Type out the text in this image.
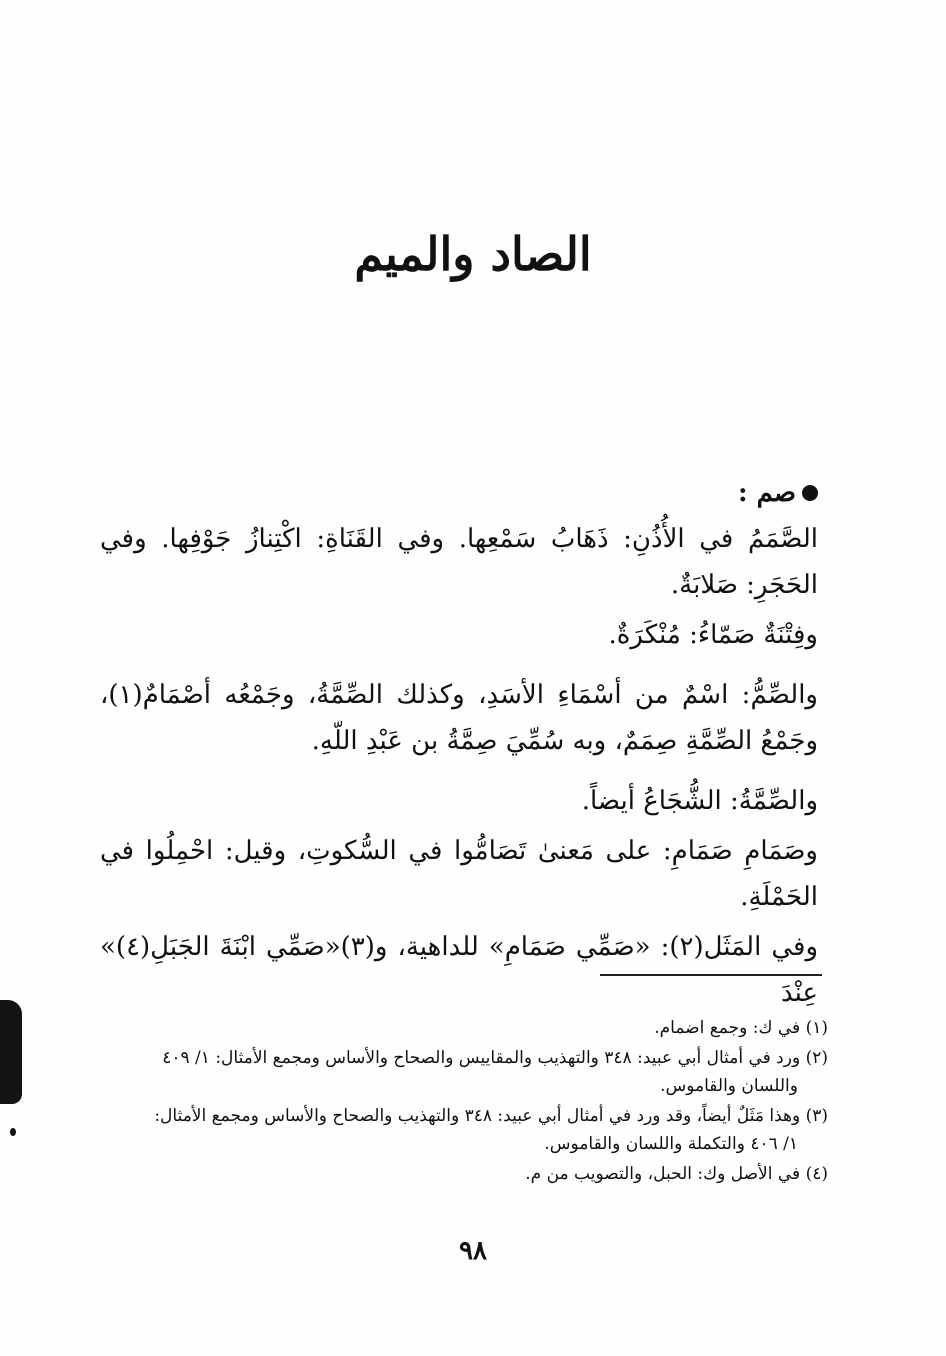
الصاد والميم

صم :

الصَّمَمُ في الأُذُنِ: ذَهَابُ سَمْعِها. وفي القَنَاةِ: اكْتِنازُ جَوْفِها. وفي الحَجَرِ: صَلابَةٌ.

وفِتْنَةٌ صَمّاءُ: مُنْكَرَةٌ.

والصِّمُّ: اسْمٌ من أسْمَاءِ الأسَدِ، وكذلك الصِّمَّةُ، وجَمْعُه أصْمَامٌ(١)، وجَمْعُ الصِّمَّةِ صِمَمٌ، وبه سُمِّيَ صِمَّةُ بن عَبْدِ اللّهِ.

والصِّمَّةُ: الشُّجَاعُ أيضاً.

وصَمَامِ صَمَامِ: على مَعنىٰ تَصَامُّوا في السُّكوتِ، وقيل: احْمِلُوا في الحَمْلَةِ.

وفي المَثَل(٢): «صَمِّي صَمَامِ» للداهية، و(٣)«صَمِّي ابْنَةَ الجَبَلِ(٤)» عِنْدَ

(١) في ك: وجمع اضمام.

(٢) ورد في أمثال أبي عبيد: ٣٤٨ والتهذيب والمقاييس والصحاح والأساس ومجمع الأمثال: ١/ ٤٠٩
واللسان والقاموس.

(٣) وهذا مَثَلٌ أيضاً، وقد ورد في أمثال أبي عبيد: ٣٤٨ والتهذيب والصحاح والأساس ومجمع الأمثال:
١/ ٤٠٦ والتكملة واللسان والقاموس.

(٤) في الأصل وك: الحبل، والتصويب من م.

٩٨
